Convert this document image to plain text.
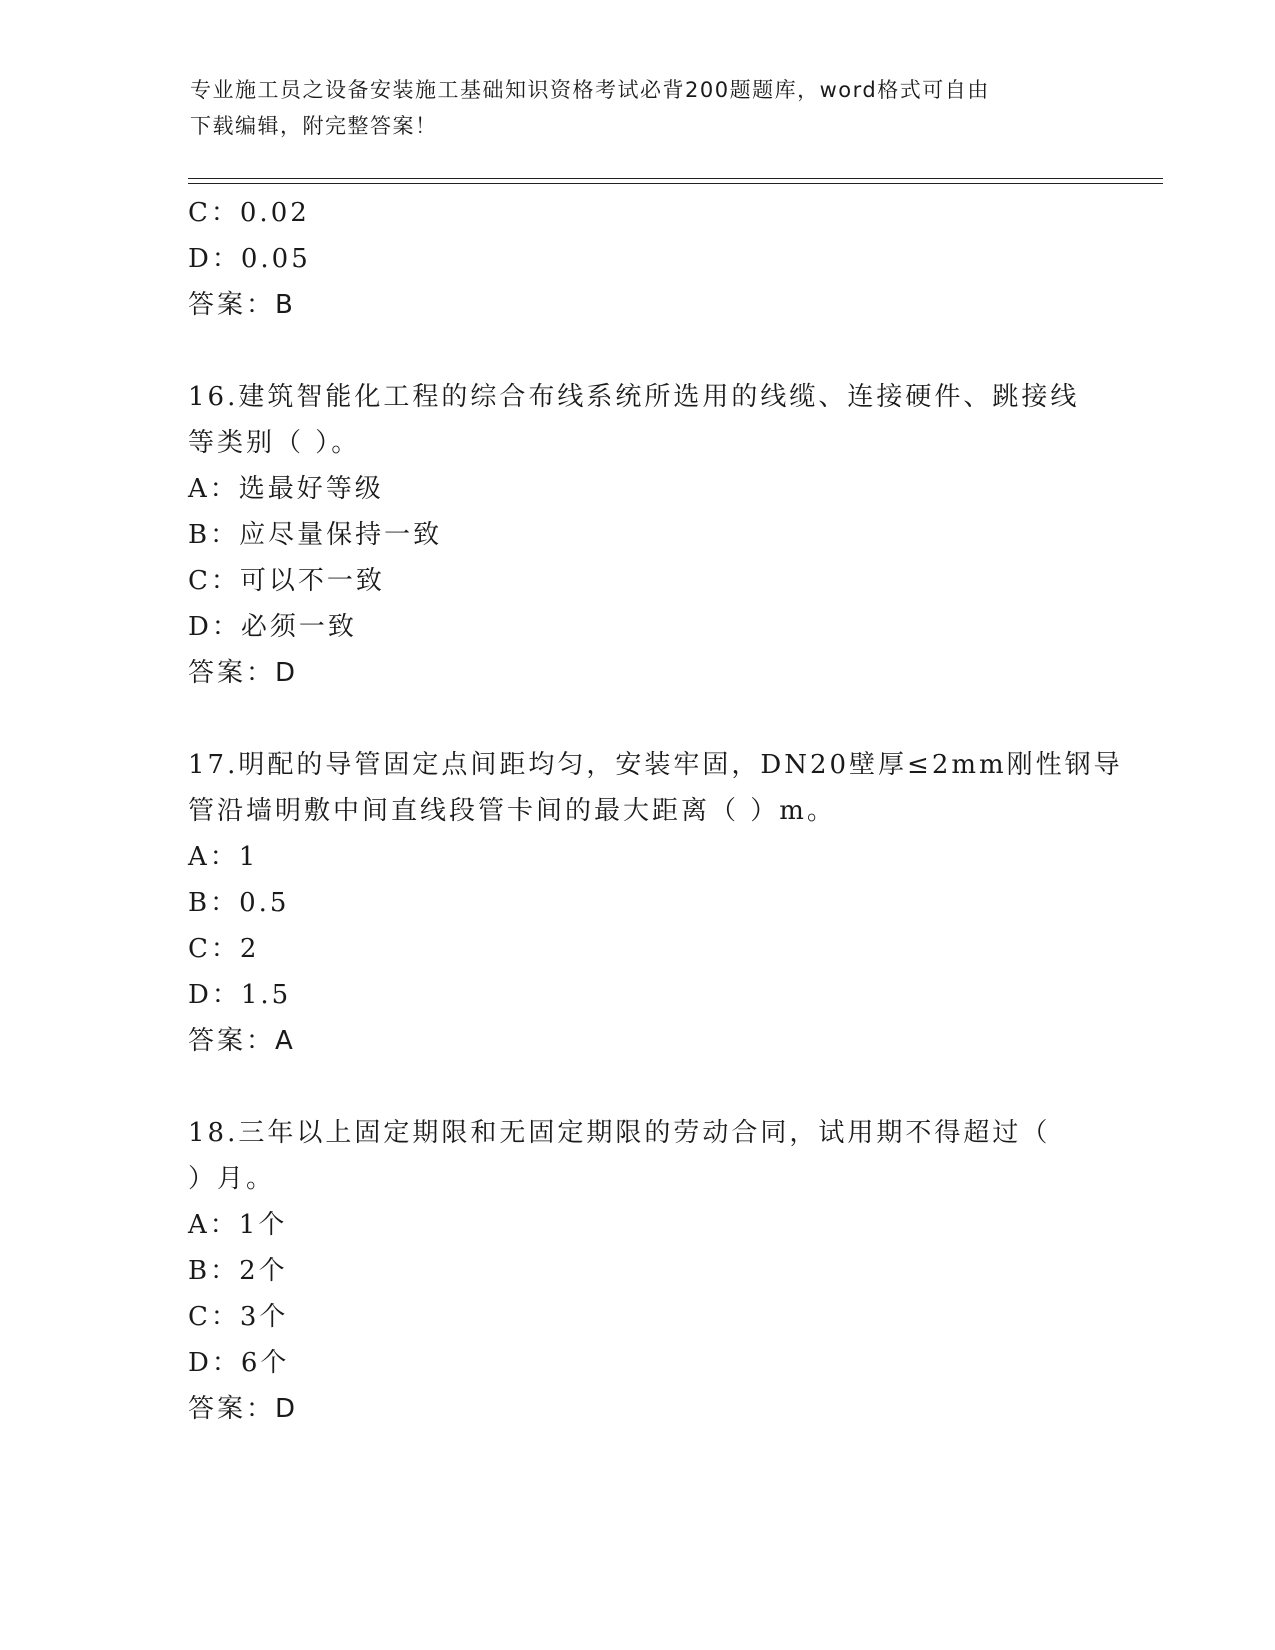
专业施工员之设备安装施工基础知识资格考试必背200题题库，word格式可自由
下载编辑，附完整答案！
C：0.02
D：0.05
答案：B
16.建筑智能化工程的综合布线系统所选用的线缆、连接硬件、跳接线
等类别（ ）。
A：选最好等级
B：应尽量保持一致
C：可以不一致
D：必须一致
答案：D
17.明配的导管固定点间距均匀，安装牢固，DN20壁厚≤2mm刚性钢导
管沿墙明敷中间直线段管卡间的最大距离（ ）m。
A：1
B：0.5
C：2
D：1.5
答案：A
18.三年以上固定期限和无固定期限的劳动合同，试用期不得超过（
）月。
A：1个
B：2个
C：3个
D：6个
答案：D
